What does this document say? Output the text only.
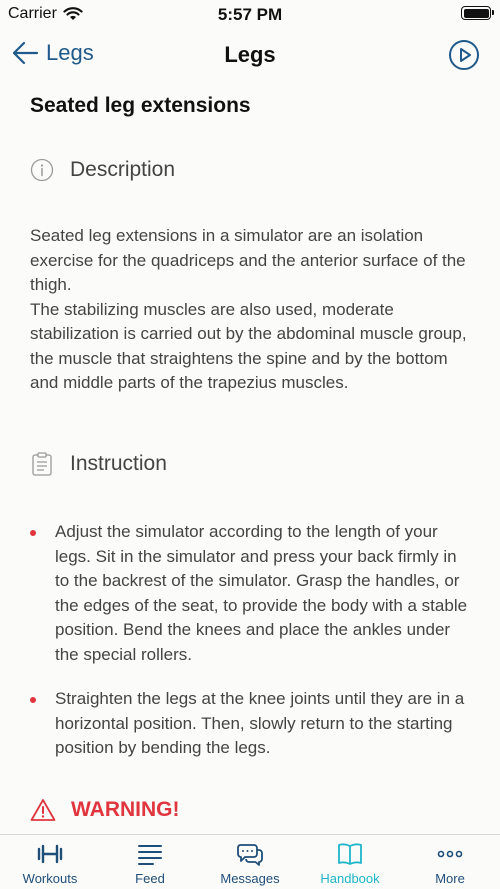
Carrier	5:57 PM
Legs	Legs
Seated leg extensions
Description

Seated leg extensions in a simulator are an isolation exercise for the quadriceps and the anterior surface of the thigh.
The stabilizing muscles are also used, moderate stabilization is carried out by the abdominal muscle group, the muscle that straightens the spine and by the bottom and middle parts of the trapezius muscles.

Instruction
Adjust the simulator according to the length of your legs. Sit in the simulator and press your back firmly in to the backrest of the simulator. Grasp the handles, or the edges of the seat, to provide the body with a stable position. Bend the knees and place the ankles under the special rollers.
Straighten the legs at the knee joints until they are in a horizontal position. Then, slowly return to the starting position by bending the legs.
WARNING!
Workouts	Feed	Messages	Handbook	More
